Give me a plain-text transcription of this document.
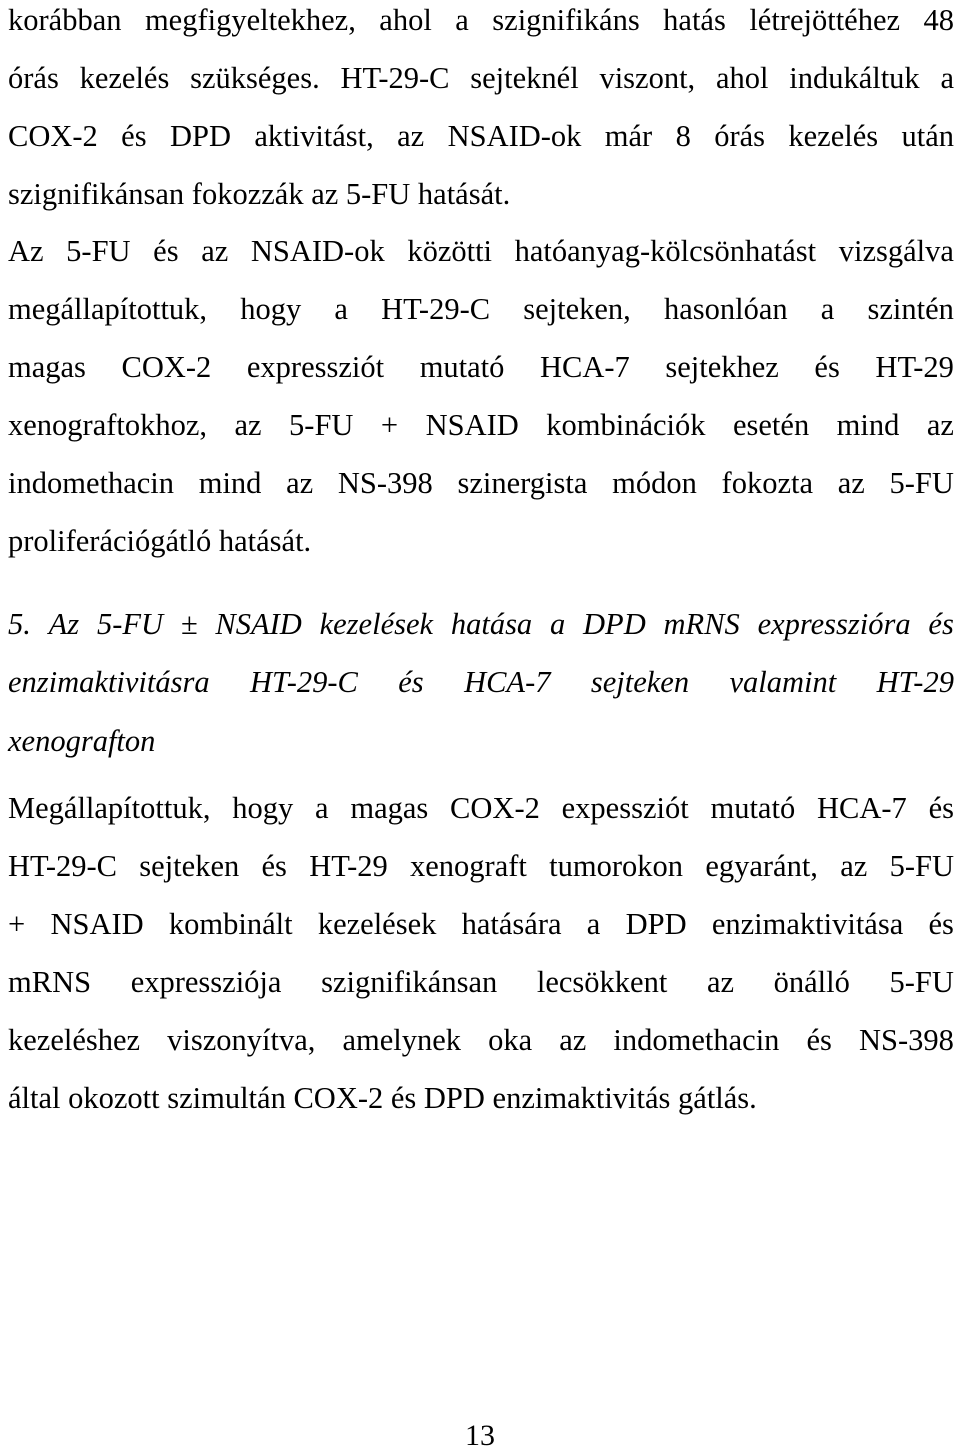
korábban megfigyeltekhez, ahol a szignifikáns hatás létrejöttéhez 48
órás kezelés szükséges. HT-29-C sejteknél viszont, ahol indukáltuk a
COX-2 és DPD aktivitást, az NSAID-ok már 8 órás kezelés után
szignifikánsan fokozzák az 5-FU hatását.
Az 5-FU és az NSAID-ok közötti hatóanyag-kölcsönhatást vizsgálva
megállapítottuk, hogy a HT-29-C sejteken, hasonlóan a szintén
magas COX-2 expressziót mutató HCA-7 sejtekhez és HT-29
xenograftokhoz, az 5-FU + NSAID kombinációk esetén mind az
indomethacin mind az NS-398 szinergista módon fokozta az 5-FU
proliferációgátló hatását.
5. Az 5-FU ± NSAID kezelések hatása a DPD mRNS expresszióra és
enzimaktivitásra HT-29-C és HCA-7 sejteken valamint HT-29
xenografton
Megállapítottuk, hogy a magas COX-2 expessziót mutató HCA-7 és
HT-29-C sejteken és HT-29 xenograft tumorokon egyaránt, az 5-FU
+ NSAID kombinált kezelések hatására a DPD enzimaktivitása és
mRNS expressziója szignifikánsan lecsökkent az önálló 5-FU
kezeléshez viszonyítva, amelynek oka az indomethacin és NS-398
által okozott szimultán COX-2 és DPD enzimaktivitás gátlás.
13
